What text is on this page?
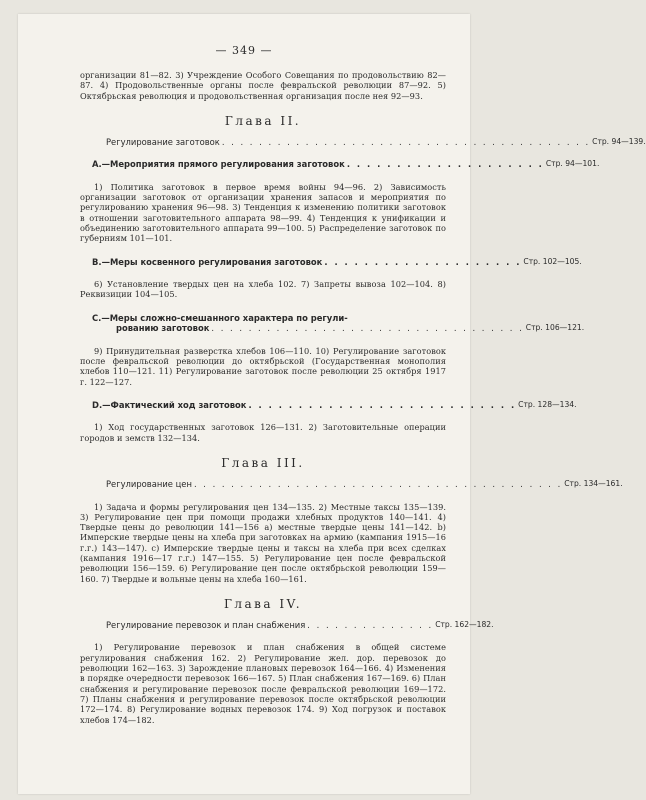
— 349 —

организации 81—82. 3) Учреждение Особого Совещания по продовольствию 82—87. 4) Продовольственные органы после февральской революции 87—92. 5) Октябрьская революция и продовольственная организация после нея 92—93.

Глава II.
Регулирование заготовок . . . . . . . . . . . . . . . . . . . . . . . . . . . . . . . . . . . . . . . . Стр. 94—139.
А.—Мероприятия прямого регулирования заготовок . . . . . . . . . . . . . . . . . . . . Стр. 94—101.

1) Политика заготовок в первое время войны 94—96. 2) Зависимость организации заготовок от организации хранения запасов и мероприятия по регулированию хранения 96—98. 3) Тенденция к изменению политики заготовок в отношении заготовительного аппарата 98—99. 4) Тенденция к унификации и объединению заготовительного аппарата 99—100. 5) Распределение заготовок по губерниям 101—101.

В.—Меры косвенного регулирования заготовок . . . . . . . . . . . . . . . . . . . . Стр. 102—105.

6) Установление твердых цен на хлеба 102. 7) Запреты вывоза 102—104. 8) Реквизиции 104—105.

С.—Меры сложно-смешанного характера по регули-
рованию заготовок . . . . . . . . . . . . . . . . . . . . . . . . . . . . . . . . . . Стр. 106—121.

9) Принудительная разверстка хлебов 106—110. 10) Регулирование заготовок после февральской революции до октябрьской (Государственная монополия хлебов 110—121. 11) Регулирование заготовок после революции 25 октября 1917 г. 122—127.

D.—Фактический ход заготовок . . . . . . . . . . . . . . . . . . . . . . . . . . . Стр. 128—134.

1) Ход государственных заготовок 126—131. 2) Заготовительные операции городов и земств 132—134.

Глава III.
Регулирование цен . . . . . . . . . . . . . . . . . . . . . . . . . . . . . . . . . . . . . . . . Стр. 134—161.

1) Задача и формы регулирования цен 134—135. 2) Местные таксы 135—139. 3) Регулирование цен при помощи продажи хлебных продуктов 140—141. 4) Твердые цены до революции 141—156 a) местные твердые цены 141—142. b) Имперские твердые цены на хлеба при заготовках на армию (кампания 1915—16 г.г.) 143—147). c) Имперские твердые цены и таксы на хлеба при всех сделках (кампания 1916—17 г.г.) 147—155. 5) Регулирование цен после февральской революции 156—159. 6) Регулирование цен после октябрьской революции 159—160. 7) Твердые и вольные цены на хлеба 160—161.

Глава IV.
Регулирование перевозок и план снабжения . . . . . . . . . . . . . . Стр. 162—182.

1) Регулирование перевозок и план снабжения в общей системе регулирования снабжения 162. 2) Регулирование жел. дор. перевозок до революции 162—163. 3) Зарождение плановых перевозок 164—166. 4) Изменения в порядке очередности перевозок 166—167. 5) План снабжения 167—169. 6) План снабжения и регулирование перевозок после февральской революции 169—172. 7) Планы снабжения и регулирование перевозок после октябрьской революции 172—174. 8) Регулирование водных перевозок 174. 9) Ход погрузок и поставок хлебов 174—182.
